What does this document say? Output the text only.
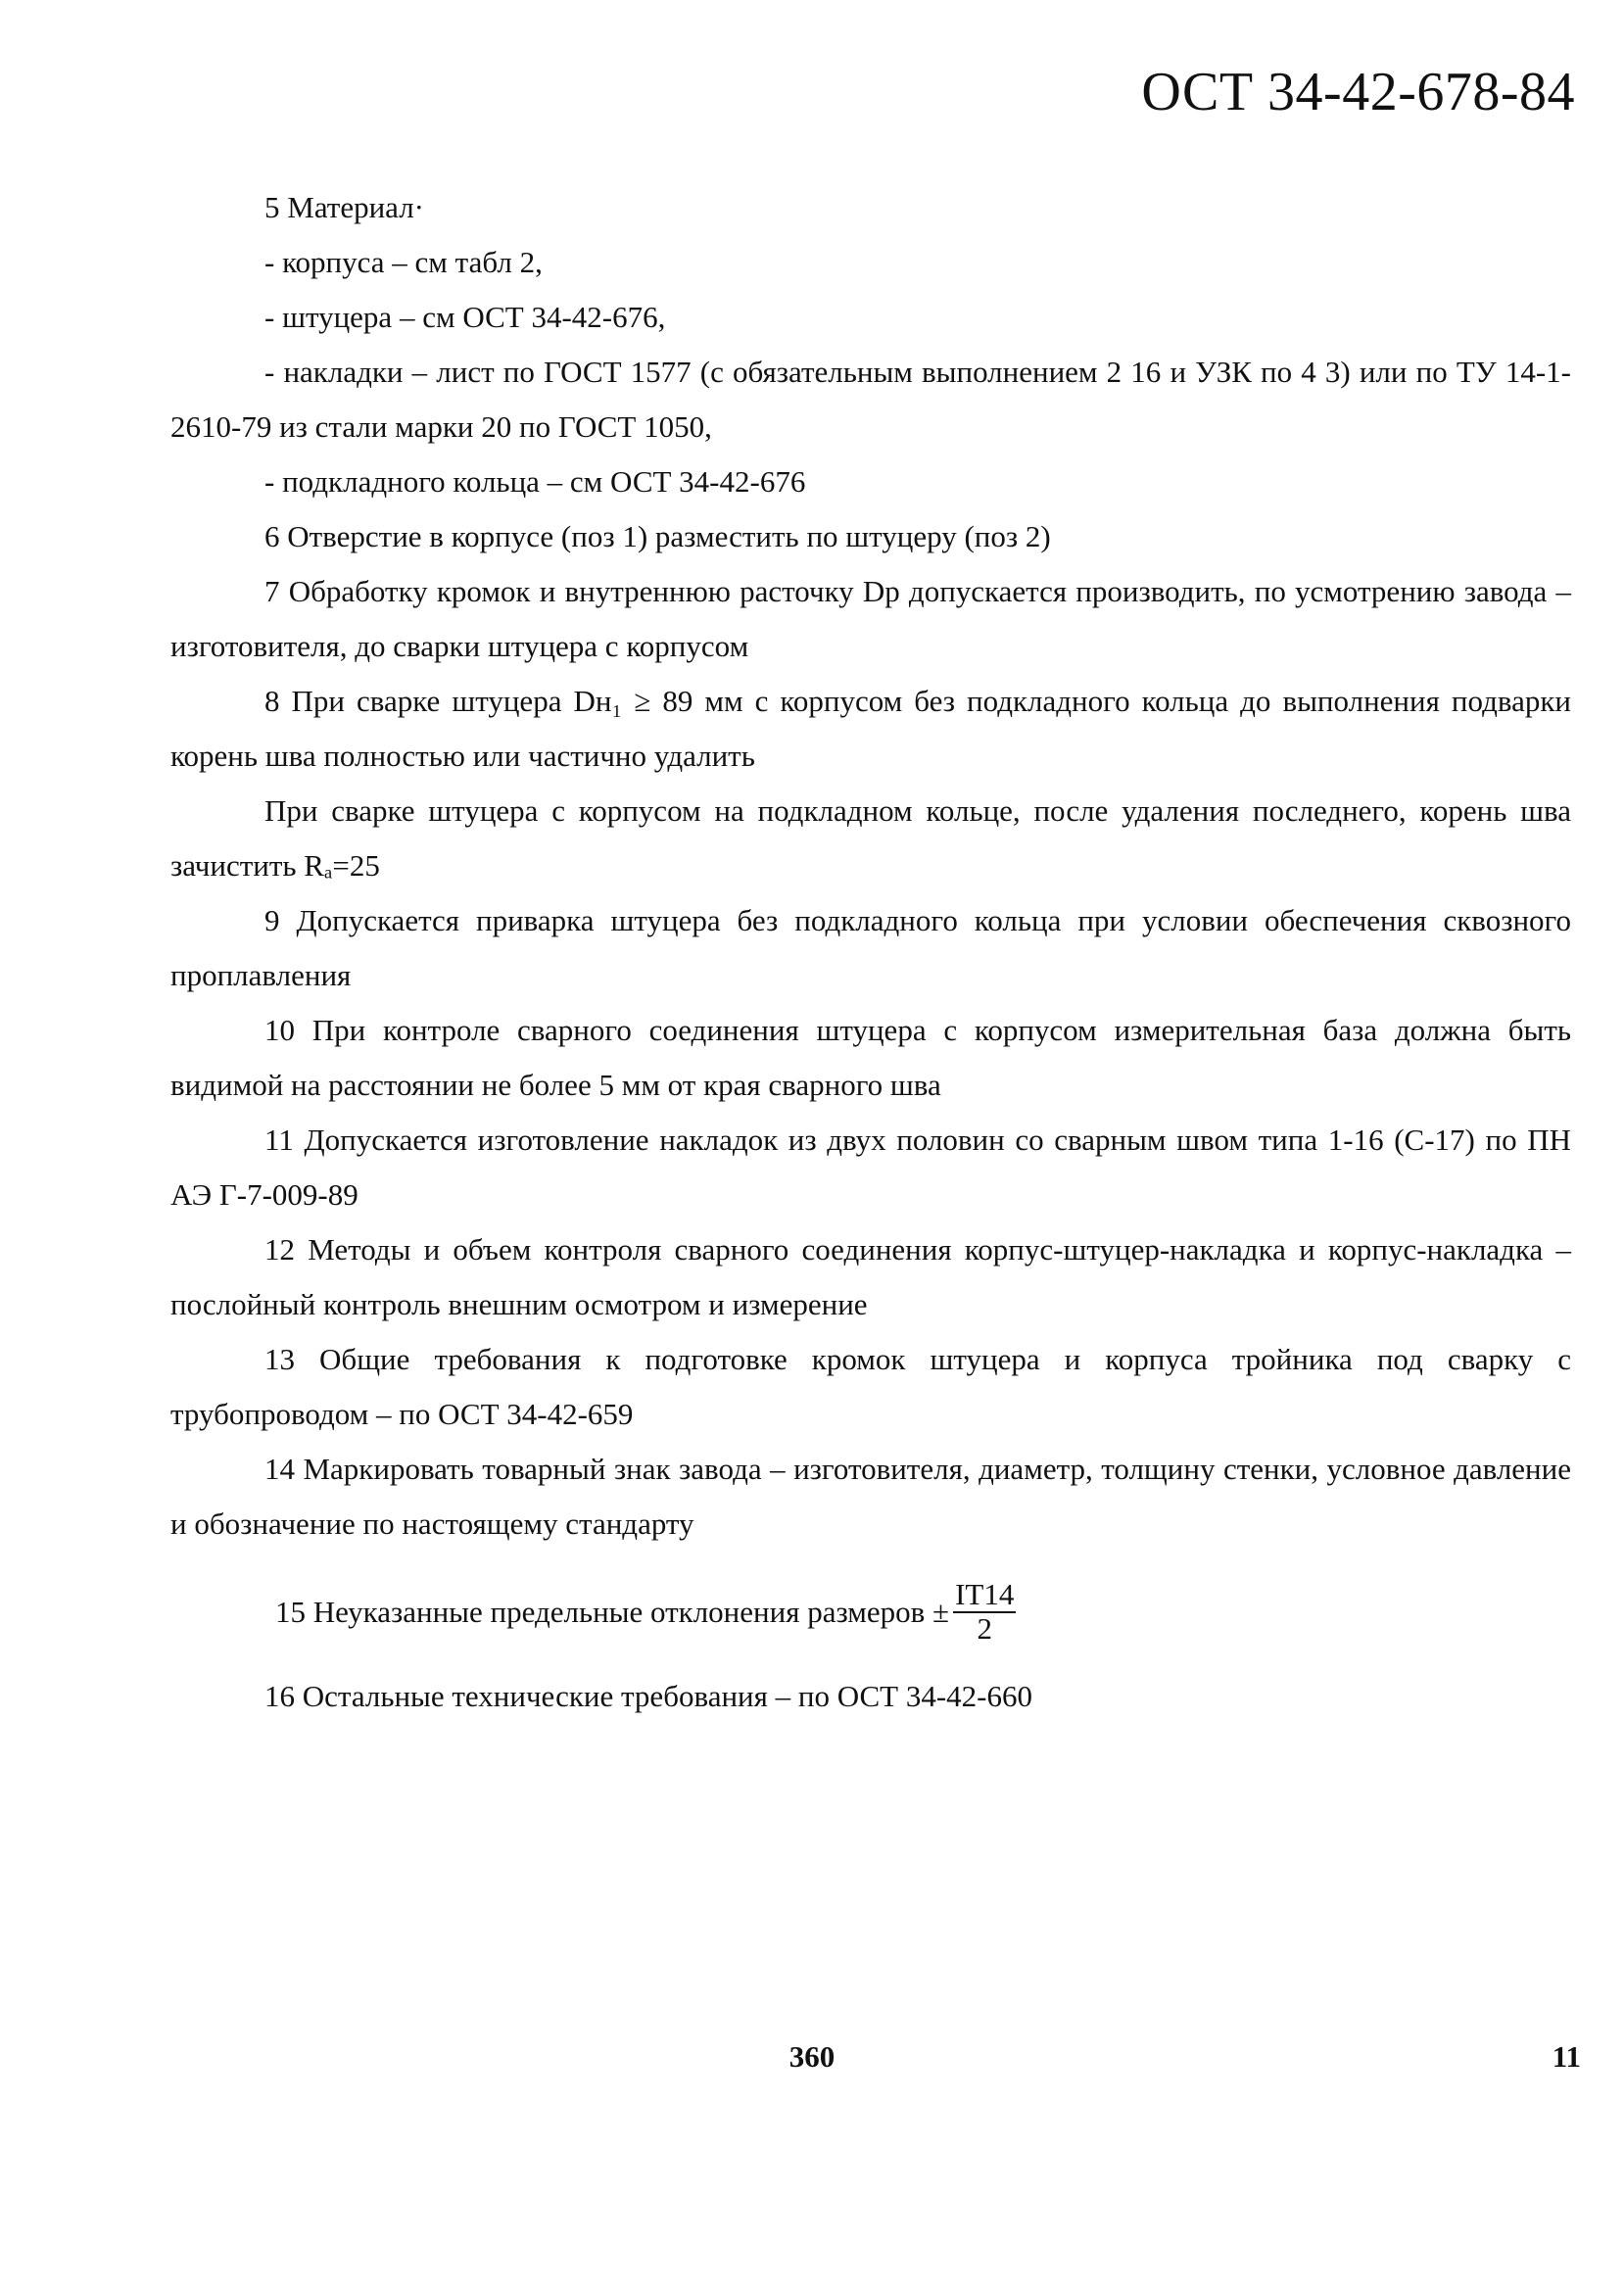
ОСТ 34-42-678-84

5 Материал·

- корпуса – см табл 2,

- штуцера – см ОСТ 34-42-676,

- накладки – лист по ГОСТ 1577 (с обязательным выполнением 2 16 и УЗК по 4 3) или по ТУ 14-1-2610-79 из стали марки 20 по ГОСТ 1050,

- подкладного кольца – см ОСТ 34-42-676

6 Отверстие в корпусе (поз 1) разместить по штуцеру (поз 2)

7 Обработку кромок и внутреннюю расточку Dр допускается производить, по усмотрению завода – изготовителя, до сварки штуцера с корпусом

8 При сварке штуцера Dн₁ ≥ 89 мм с корпусом без подкладного кольца до выполнения подварки корень шва полностью или частично удалить

При сварке штуцера с корпусом на подкладном кольце, после удаления последнего, корень шва зачистить Rₐ=25

9 Допускается приварка штуцера без подкладного кольца при условии обеспечения сквозного проплавления

10 При контроле сварного соединения штуцера с корпусом измерительная база должна быть видимой на расстоянии не более 5 мм от края сварного шва

11 Допускается изготовление накладок из двух половин со сварным швом типа 1-16 (С-17) по ПН АЭ Г-7-009-89

12 Методы и объем контроля сварного соединения корпус-штуцер-накладка и корпус-накладка – послойный контроль внешним осмотром и измерение

13 Общие требования к подготовке кромок штуцера и корпуса тройника под сварку с трубопроводом – по ОСТ 34-42-659

14 Маркировать товарный знак завода – изготовителя, диаметр, толщину стенки, условное давление и обозначение по настоящему стандарту

15 Неуказанные предельные отклонения размеров ± $\frac{IT14}{2}$

16 Остальные технические требования – по ОСТ 34-42-660

360	11
